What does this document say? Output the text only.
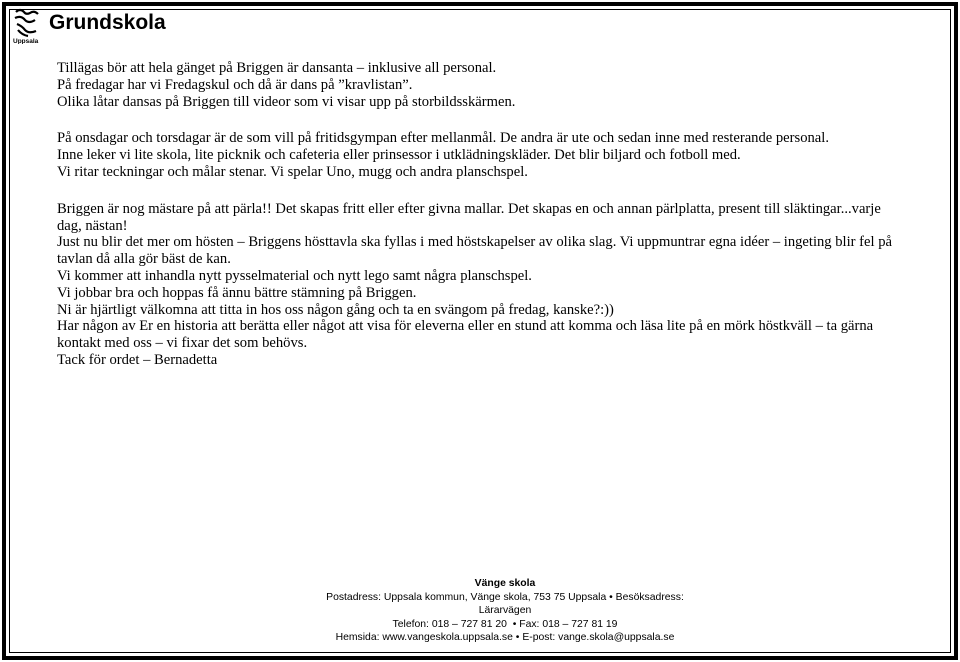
Uppsala
Grundskola

Tillägas bör att hela gänget på Briggen är dansanta – inklusive all personal.

På fredagar har vi Fredagskul och då är dans på ”kravlistan”.

Olika låtar dansas på Briggen till videor som vi visar upp på storbildsskärmen.

På onsdagar och torsdagar är de som vill på fritidsgympan efter mellanmål. De andra är ute och sedan inne med resterande personal.

Inne leker vi lite skola, lite picknik och cafeteria eller prinsessor i utklädningskläder. Det blir biljard och fotboll med.

Vi ritar teckningar och målar stenar. Vi spelar Uno, mugg och andra planschspel.

Briggen är nog mästare på att pärla!! Det skapas fritt eller efter givna mallar. Det skapas en och annan pärlplatta, present till släktingar...varje dag, nästan!

Just nu blir det mer om hösten – Briggens hösttavla ska fyllas i med höstskapelser av olika slag. Vi uppmuntrar egna idéer – ingeting blir fel på tavlan då alla gör bäst de kan.

Vi kommer att inhandla nytt pysselmaterial och nytt lego samt några planschspel.

Vi jobbar bra och hoppas få ännu bättre stämning på Briggen.

Ni är hjärtligt välkomna att titta in hos oss någon gång och ta en svängom på fredag, kanske?:))

Har någon av Er en historia att berätta eller något att visa för eleverna eller en stund att komma och läsa lite på en mörk höstkväll – ta gärna kontakt med oss – vi fixar det som behövs.

Tack för ordet – Bernadetta

Vänge skola
Postadress: Uppsala kommun, Vänge skola, 753 75 Uppsala • Besöksadress: Lärarvägen
Telefon: 018 – 727 81 20  • Fax: 018 – 727 81 19
Hemsida: www.vangeskola.uppsala.se • E-post: vange.skola@uppsala.se
